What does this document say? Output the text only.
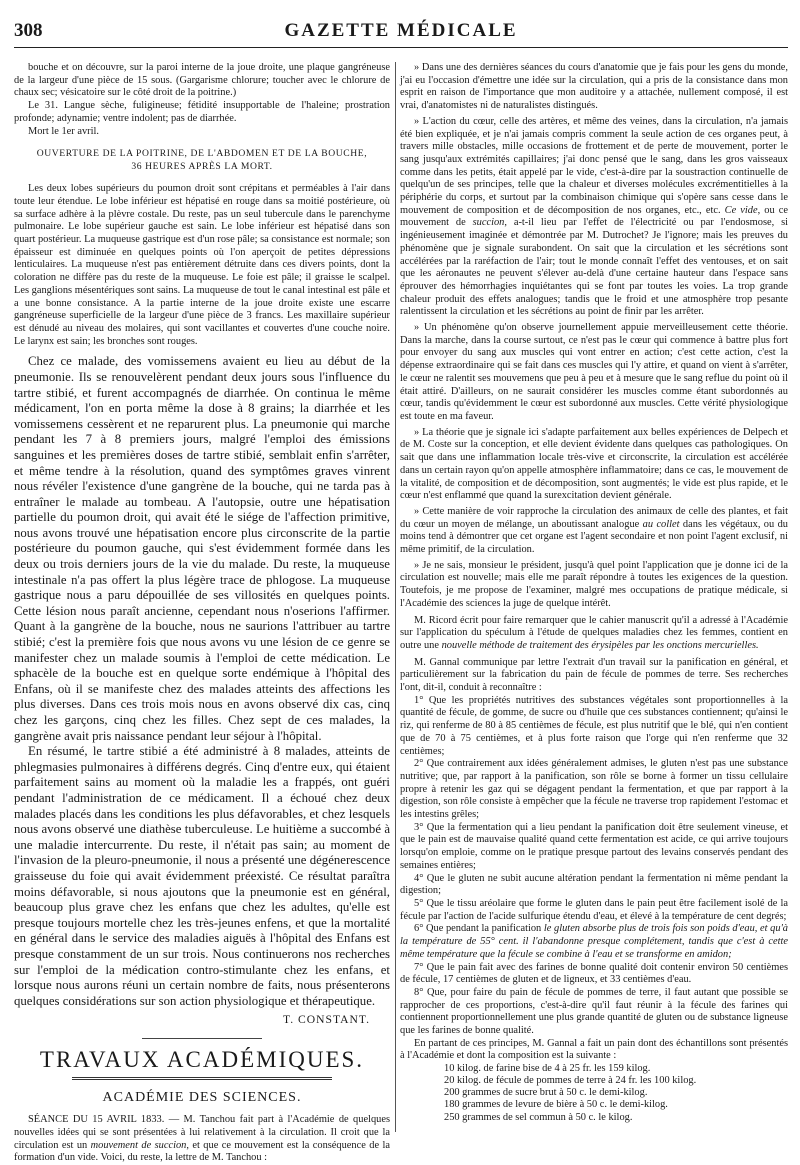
308	GAZETTE MÉDICALE

bouche et on découvre, sur la paroi interne de la joue droite, une plaque gangréneuse de la largeur d'une pièce de 15 sous. (Gargarisme chlorure; toucher avec le chlorure de chaux sec; vésicatoire sur le côté droit de la poitrine.)

Le 31. Langue sèche, fuligineuse; fétidité insupportable de l'haleine; prostration profonde; adynamie; ventre indolent; pas de diarrhée.

Mort le 1er avril.

OUVERTURE DE LA POITRINE, DE L'ABDOMEN ET DE LA BOUCHE,
36 HEURES APRÈS LA MORT.

Les deux lobes supérieurs du poumon droit sont crépitans et perméables à l'air dans toute leur étendue. Le lobe inférieur est hépatisé en rouge dans sa moitié postérieure, où sa surface adhère à la plèvre costale. Du reste, pas un seul tubercule dans le parenchyme pulmonaire. Le lobe supérieur gauche est sain. Le lobe inférieur est hépatisé dans son quart postérieur. La muqueuse gastrique est d'un rose pâle; sa consistance est normale; son épaisseur est diminuée en quelques points où l'on aperçoit de petites dépressions lenticulaires. La muqueuse n'est pas entièrement détruite dans ces divers points, dont la coloration ne diffère pas du reste de la muqueuse. Le foie est pâle; il graisse le scalpel. Les ganglions mésentériques sont sains. La muqueuse de tout le canal intestinal est pâle et a une bonne consistance. A la partie interne de la joue droite existe une escarre gangréneuse superficielle de la largeur d'une pièce de 3 francs. Les maxillaire supérieur est dénudé au niveau des molaires, qui sont vacillantes et couvertes d'une couche noire. Le larynx est sain; les bronches sont rouges.

Chez ce malade, des vomissemens avaient eu lieu au début de la pneumonie. Ils se renouvelèrent pendant deux jours sous l'influence du tartre stibié, et furent accompagnés de diarrhée. On continua le même médicament, l'on en porta même la dose à 8 grains; la diarrhée et les vomissemens cessèrent et ne reparurent plus. La pneumonie qui marche pendant les 7 à 8 premiers jours, malgré l'emploi des émissions sanguines et les premières doses de tartre stibié, semblait enfin s'arrêter, et même tendre à la résolution, quand des symptômes graves vinrent nous révéler l'existence d'une gangrène de la bouche, qui ne tarda pas à entraîner le malade au tombeau. A l'autopsie, outre une hépatisation partielle du poumon droit, qui avait été le siége de l'affection primitive, nous avons trouvé une hépatisation encore plus circonscrite de la partie postérieure du poumon gauche, qui s'est évidemment formée dans les deux ou trois derniers jours de la vie du malade. Du reste, la muqueuse intestinale n'a pas offert la plus légère trace de phlogose. La muqueuse gastrique nous a paru dépouillée de ses villosités en quelques points. Cette lésion nous paraît ancienne, cependant nous n'oserions l'affirmer. Quant à la gangrène de la bouche, nous ne saurions l'attribuer au tartre stibié; c'est la première fois que nous avons vu une lésion de ce genre se manifester chez un malade soumis à l'emploi de cette médication. Le sphacèle de la bouche est en quelque sorte endémique à l'hôpital des Enfans, où il se manifeste chez des malades atteints des affections les plus diverses. Dans ces trois mois nous en avons observé dix cas, cinq chez les garçons, cinq chez les filles. Chez sept de ces malades, la gangrène avait pris naissance pendant leur séjour à l'hôpital.

En résumé, le tartre stibié a été administré à 8 malades, atteints de phlegmasies pulmonaires à différens degrés. Cinq d'entre eux, qui étaient parfaitement sains au moment où la maladie les a frappés, ont guéri pendant l'administration de ce médicament. Il a échoué chez deux malades placés dans les conditions les plus défavorables, et chez lesquels nous avons observé une diathèse tuberculeuse. Le huitième a succombé à une maladie intercurrente. Du reste, il n'était pas sain; au moment de l'invasion de la pleuro-pneumonie, il nous a présenté une dégénerescence graisseuse du foie qui avait évidemment préexisté. Ce résultat paraîtra moins défavorable, si nous ajoutons que la pneumonie est en général, beaucoup plus grave chez les enfans que chez les adultes, qu'elle est presque toujours mortelle chez les très-jeunes enfens, et que la mortalité en général dans le service des maladies aiguës à l'hôpital des Enfans est presque constamment de un sur trois. Nous continuerons nos recherches sur l'emploi de la médication contro-stimulante chez les enfans, et lorsque nous aurons réuni un certain nombre de faits, nous présenterons quelques considérations sur son action physiologique et thérapeutique.

T. CONSTANT.
TRAVAUX ACADÉMIQUES.
ACADÉMIE DES SCIENCES.

SÉANCE DU 15 AVRIL 1833. — M. Tanchou fait part à l'Académie de quelques nouvelles idées qui se sont présentées à lui relativement à la circulation. Il croit que la circulation est un mouvement de succion, et que ce mouvement est la conséquence de la formation d'un vide. Voici, du reste, la lettre de M. Tanchou :

» Dans une des dernières séances du cours d'anatomie que je fais pour les gens du monde, j'ai eu l'occasion d'émettre une idée sur la circulation, qui a pris de la consistance dans mon esprit en raison de l'importance que mon auditoire y a attachée, nullement composé, il est vrai, d'anatomistes ni de naturalistes distingués.

» L'action du cœur, celle des artères, et même des veines, dans la circulation, n'a jamais été bien expliquée, et je n'ai jamais compris comment la seule action de ces organes peut, à travers mille obstacles, mille occasions de frottement et de perte de mouvement, porter le sang jusqu'aux extrémités capillaires; j'ai donc pensé que le sang, dans les gros vaisseaux comme dans les petits, était appelé par le vide, c'est-à-dire par la soustraction continuelle de quelqu'un de ses principes, telle que la chaleur et diverses molécules excrémentitielles à la périphérie du corps, et surtout par la combinaison chimique qui s'opère sans cesse dans le mouvement de composition et de décomposition de nos organes, etc., etc. Ce vide, ou ce mouvement de succion, a-t-il lieu par l'effet de l'électricité ou par l'endosmose, si ingénieusement imaginée et démontrée par M. Dutrochet? Je l'ignore; mais les preuves du phénomène que je signale surabondent. On sait que la circulation et les sécrétions sont accélérées par la raréfaction de l'air; tout le monde connaît l'effet des ventouses, et on sait que les aéronautes ne peuvent s'élever au-delà d'une certaine hauteur dans l'espace sans éprouver des hémorrhagies inquiétantes qui se font par toutes les voies. La trop grande chaleur produit des effets analogues; tandis que le froid et une atmosphère trop pesante ralentissent la circulation et les sécrétions au point de finir par les arrêter.

» Un phénomène qu'on observe journellement appuie merveilleusement cette théorie. Dans la marche, dans la course surtout, ce n'est pas le cœur qui commence à battre plus fort pour envoyer du sang aux muscles qui vont entrer en action; c'est cette action, c'est la dépense extraordinaire qui se fait dans ces muscles qui l'y attire, et quand on vient à s'arrêter, le cœur ne ralentit ses mouvemens que peu à peu et à mesure que le sang reflue du point où il était attiré. D'ailleurs, on ne saurait considérer les muscles comme étant subordonnés au cœur, tandis qu'évidemment le cœur est subordonné aux muscles. Cette vérité physiologique est toute en ma faveur.

» La théorie que je signale ici s'adapte parfaitement aux belles expériences de Delpech et de M. Coste sur la conception, et elle devient évidente dans quelques cas pathologiques. On sait que dans une inflammation locale très-vive et circonscrite, la circulation est accélérée dans un certain rayon qu'on appelle atmosphère inflammatoire; dans ce cas, le mouvement de la vitalité, de composition et de décomposition, sont augmentés; le vide est plus rapide, et le cœur n'est enflammé que quand la surexcitation devient générale.

» Cette manière de voir rapproche la circulation des animaux de celle des plantes, et fait du cœur un moyen de mélange, un aboutissant analogue au collet dans les végétaux, ou du moins tend à démontrer que cet organe est l'agent secondaire et non point l'agent exclusif, ni même primitif, de la circulation.

» Je ne sais, monsieur le président, jusqu'à quel point l'application que je donne ici de la circulation est nouvelle; mais elle me paraît répondre à toutes les exigences de la question. Toutefois, je me propose de l'examiner, malgré mes occupations de pratique médicale, si l'Académie des sciences la juge de quelque intérêt.

M. Ricord écrit pour faire remarquer que le cahier manuscrit qu'il a adressé à l'Académie sur l'application du spéculum à l'étude de quelques maladies chez les femmes, contient en outre une nouvelle méthode de traitement des érysipèles par les onctions mercurielles.

M. Gannal communique par lettre l'extrait d'un travail sur la panification en général, et particulièrement sur la fabrication du pain de fécule de pommes de terre. Ses recherches l'ont, dit-il, conduit à reconnaître :

1° Que les propriétés nutritives des substances végétales sont proportionnelles à la quantité de fécule, de gomme, de sucre ou d'huile que ces substances contiennent; qu'ainsi le riz, qui renferme de 80 à 85 centièmes de fécule, est plus nutritif que le blé, qui n'en contient que de 70 à 75 centièmes, et à plus forte raison que l'orge qui n'en renferme que 32 centièmes;

2° Que contrairement aux idées généralement admises, le gluten n'est pas une substance nutritive; que, par rapport à la panification, son rôle se borne à former un tissu cellulaire propre à retenir les gaz qui se dégagent pendant la fermentation, et que par rapport à la digestion, son rôle consiste à empêcher que la fécule ne traverse trop rapidement l'estomac et les intestins grêles;

3° Que la fermentation qui a lieu pendant la panification doit être seulement vineuse, et que le pain est de mauvaise qualité quand cette fermentation est acide, ce qui arrive toujours lorsqu'on emploie, comme on le pratique presque partout des levains conservés pendant des semaines entières;

4° Que le gluten ne subit aucune altération pendant la fermentation ni même pendant la digestion;

5° Que le tissu aréolaire que forme le gluten dans le pain peut être facilement isolé de la fécule par l'action de l'acide sulfurique étendu d'eau, et élevé à la température de cent degrés;

6° Que pendant la panification le gluten absorbe plus de trois fois son poids d'eau, et qu'à la température de 55° cent. il l'abandonne presque complétement, tandis que c'est à cette même température que la fécule se combine à l'eau et se transforme en amidon;

7° Que le pain fait avec des farines de bonne qualité doit contenir environ 50 centièmes de fécule, 17 centièmes de gluten et de ligneux, et 33 centièmes d'eau.

8° Que, pour faire du pain de fécule de pommes de terre, il faut autant que possible se rapprocher de ces proportions, c'est-à-dire qu'il faut réunir à la fécule des farines qui contiennent proportionnellement une plus grande quantité de gluten ou de substance ligneuse que les farines de bonne qualité.

En partant de ces principes, M. Gannal a fait un pain dont des échantillons sont présentés à l'Académie et dont la composition est la suivante :

10 kilog. de farine bise de 4 à 25 fr. les 159 kilog.
20 kilog. de fécule de pommes de terre à 24 fr. les 100 kilog.
200 grammes de sucre brut à 50 c. le demi-kilog.
180 grammes de levure de bière à 50 c. le demi-kilog.
250 grammes de sel commun à 50 c. le kilog.
